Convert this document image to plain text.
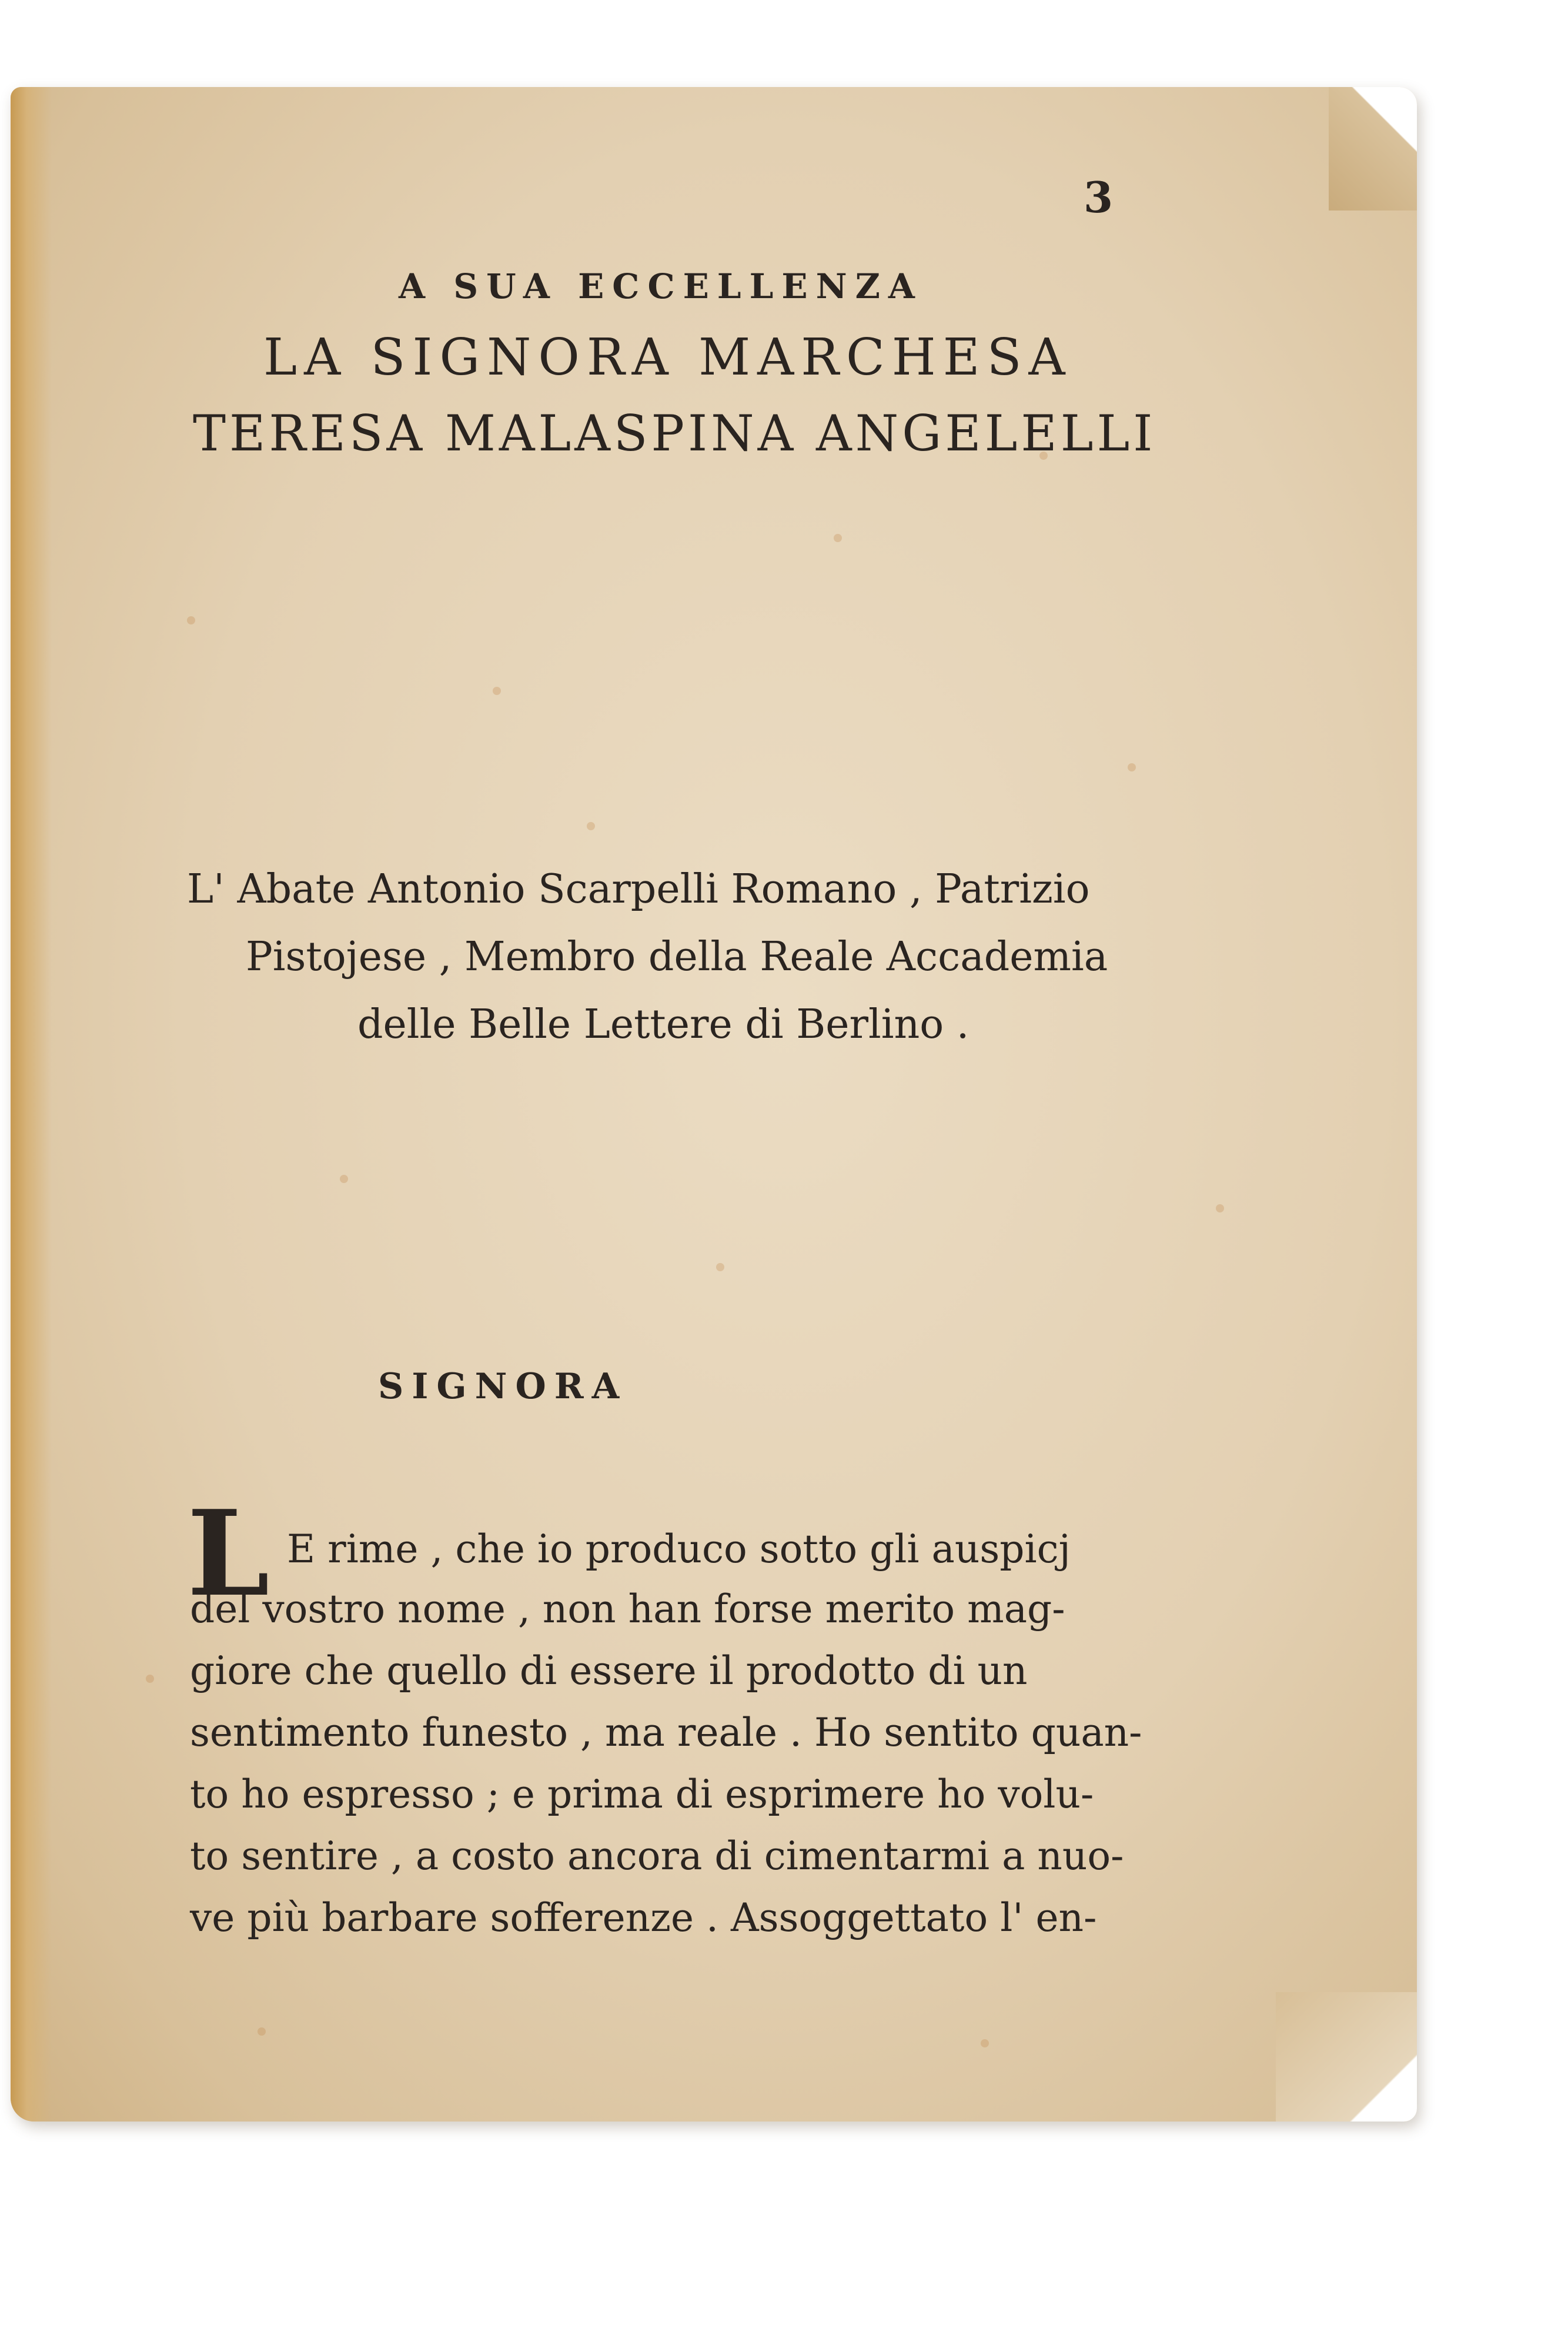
3
A SUA ECCELLENZA
LA SIGNORA MARCHESA
TERESA MALASPINA ANGELELLI
L' Abate Antonio Scarpelli Romano , Patrizio
Pistojese , Membro della Reale Accademia
delle Belle Lettere di Berlino .
SIGNORA
L E rime , che io produco sotto gli auspicj
del vostro nome , non han forse merito mag-
giore che quello di essere il prodotto di un
sentimento funesto , ma reale . Ho sentito quan-
to ho espresso ; e prima di esprimere ho volu-
to sentire , a costo ancora di cimentarmi a nuo-
ve più barbare sofferenze . Assoggettato l' en-
